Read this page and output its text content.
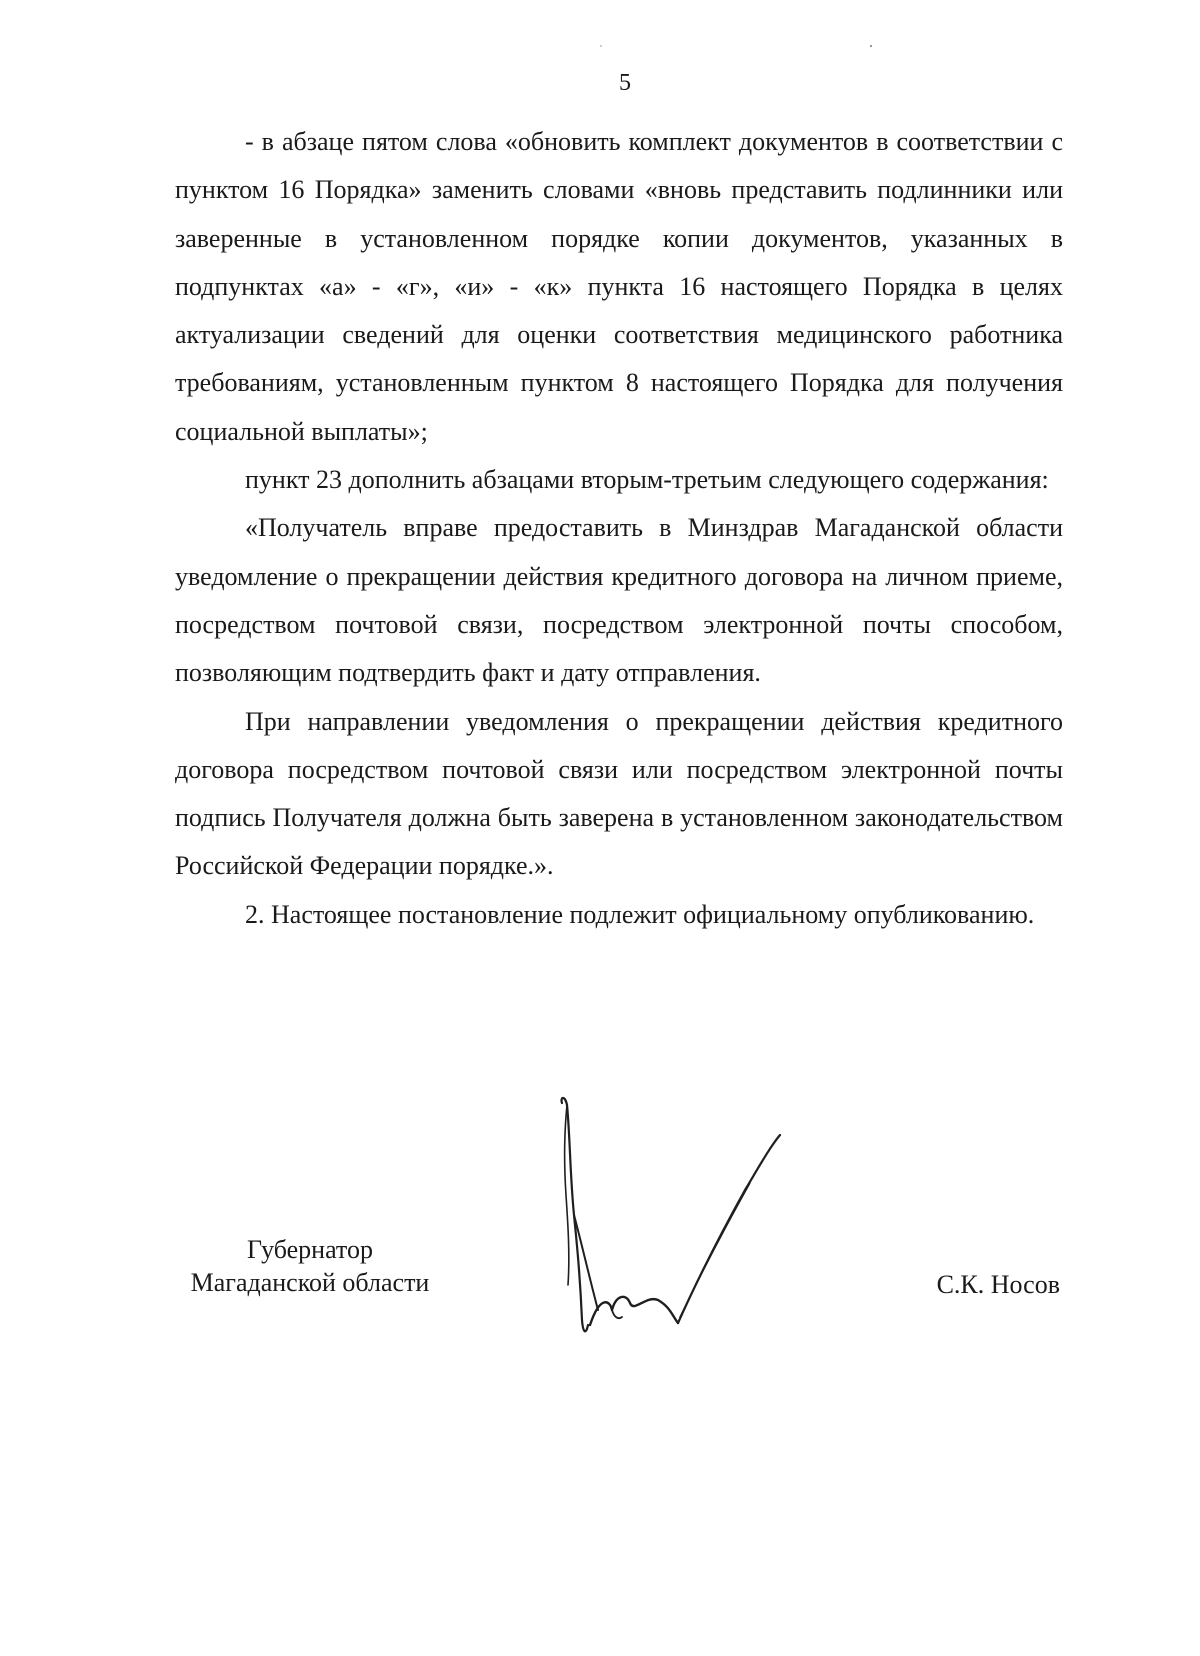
5

- в абзаце пятом слова «обновить комплект документов в соответствии с пунктом 16 Порядка» заменить словами «вновь представить подлинники или заверенные в установленном порядке копии документов, указанных в подпунктах «а» - «г», «и» - «к» пункта 16 настоящего Порядка в целях актуализации сведений для оценки соответствия медицинского работника требованиям, установленным пунктом 8 настоящего Порядка для получения социальной выплаты»;

пункт 23 дополнить абзацами вторым-третьим следующего содержания:

«Получатель вправе предоставить в Минздрав Магаданской области уведомление о прекращении действия кредитного договора на личном приеме, посредством почтовой связи, посредством электронной почты способом, позволяющим подтвердить факт и дату отправления.

При направлении уведомления о прекращении действия кредитного договора посредством почтовой связи или посредством электронной почты подпись Получателя должна быть заверена в установленном законодательством Российской Федерации порядке.».

2. Настоящее постановление подлежит официальному опубликованию.

Губернатор
Магаданской области	С.К. Носов
